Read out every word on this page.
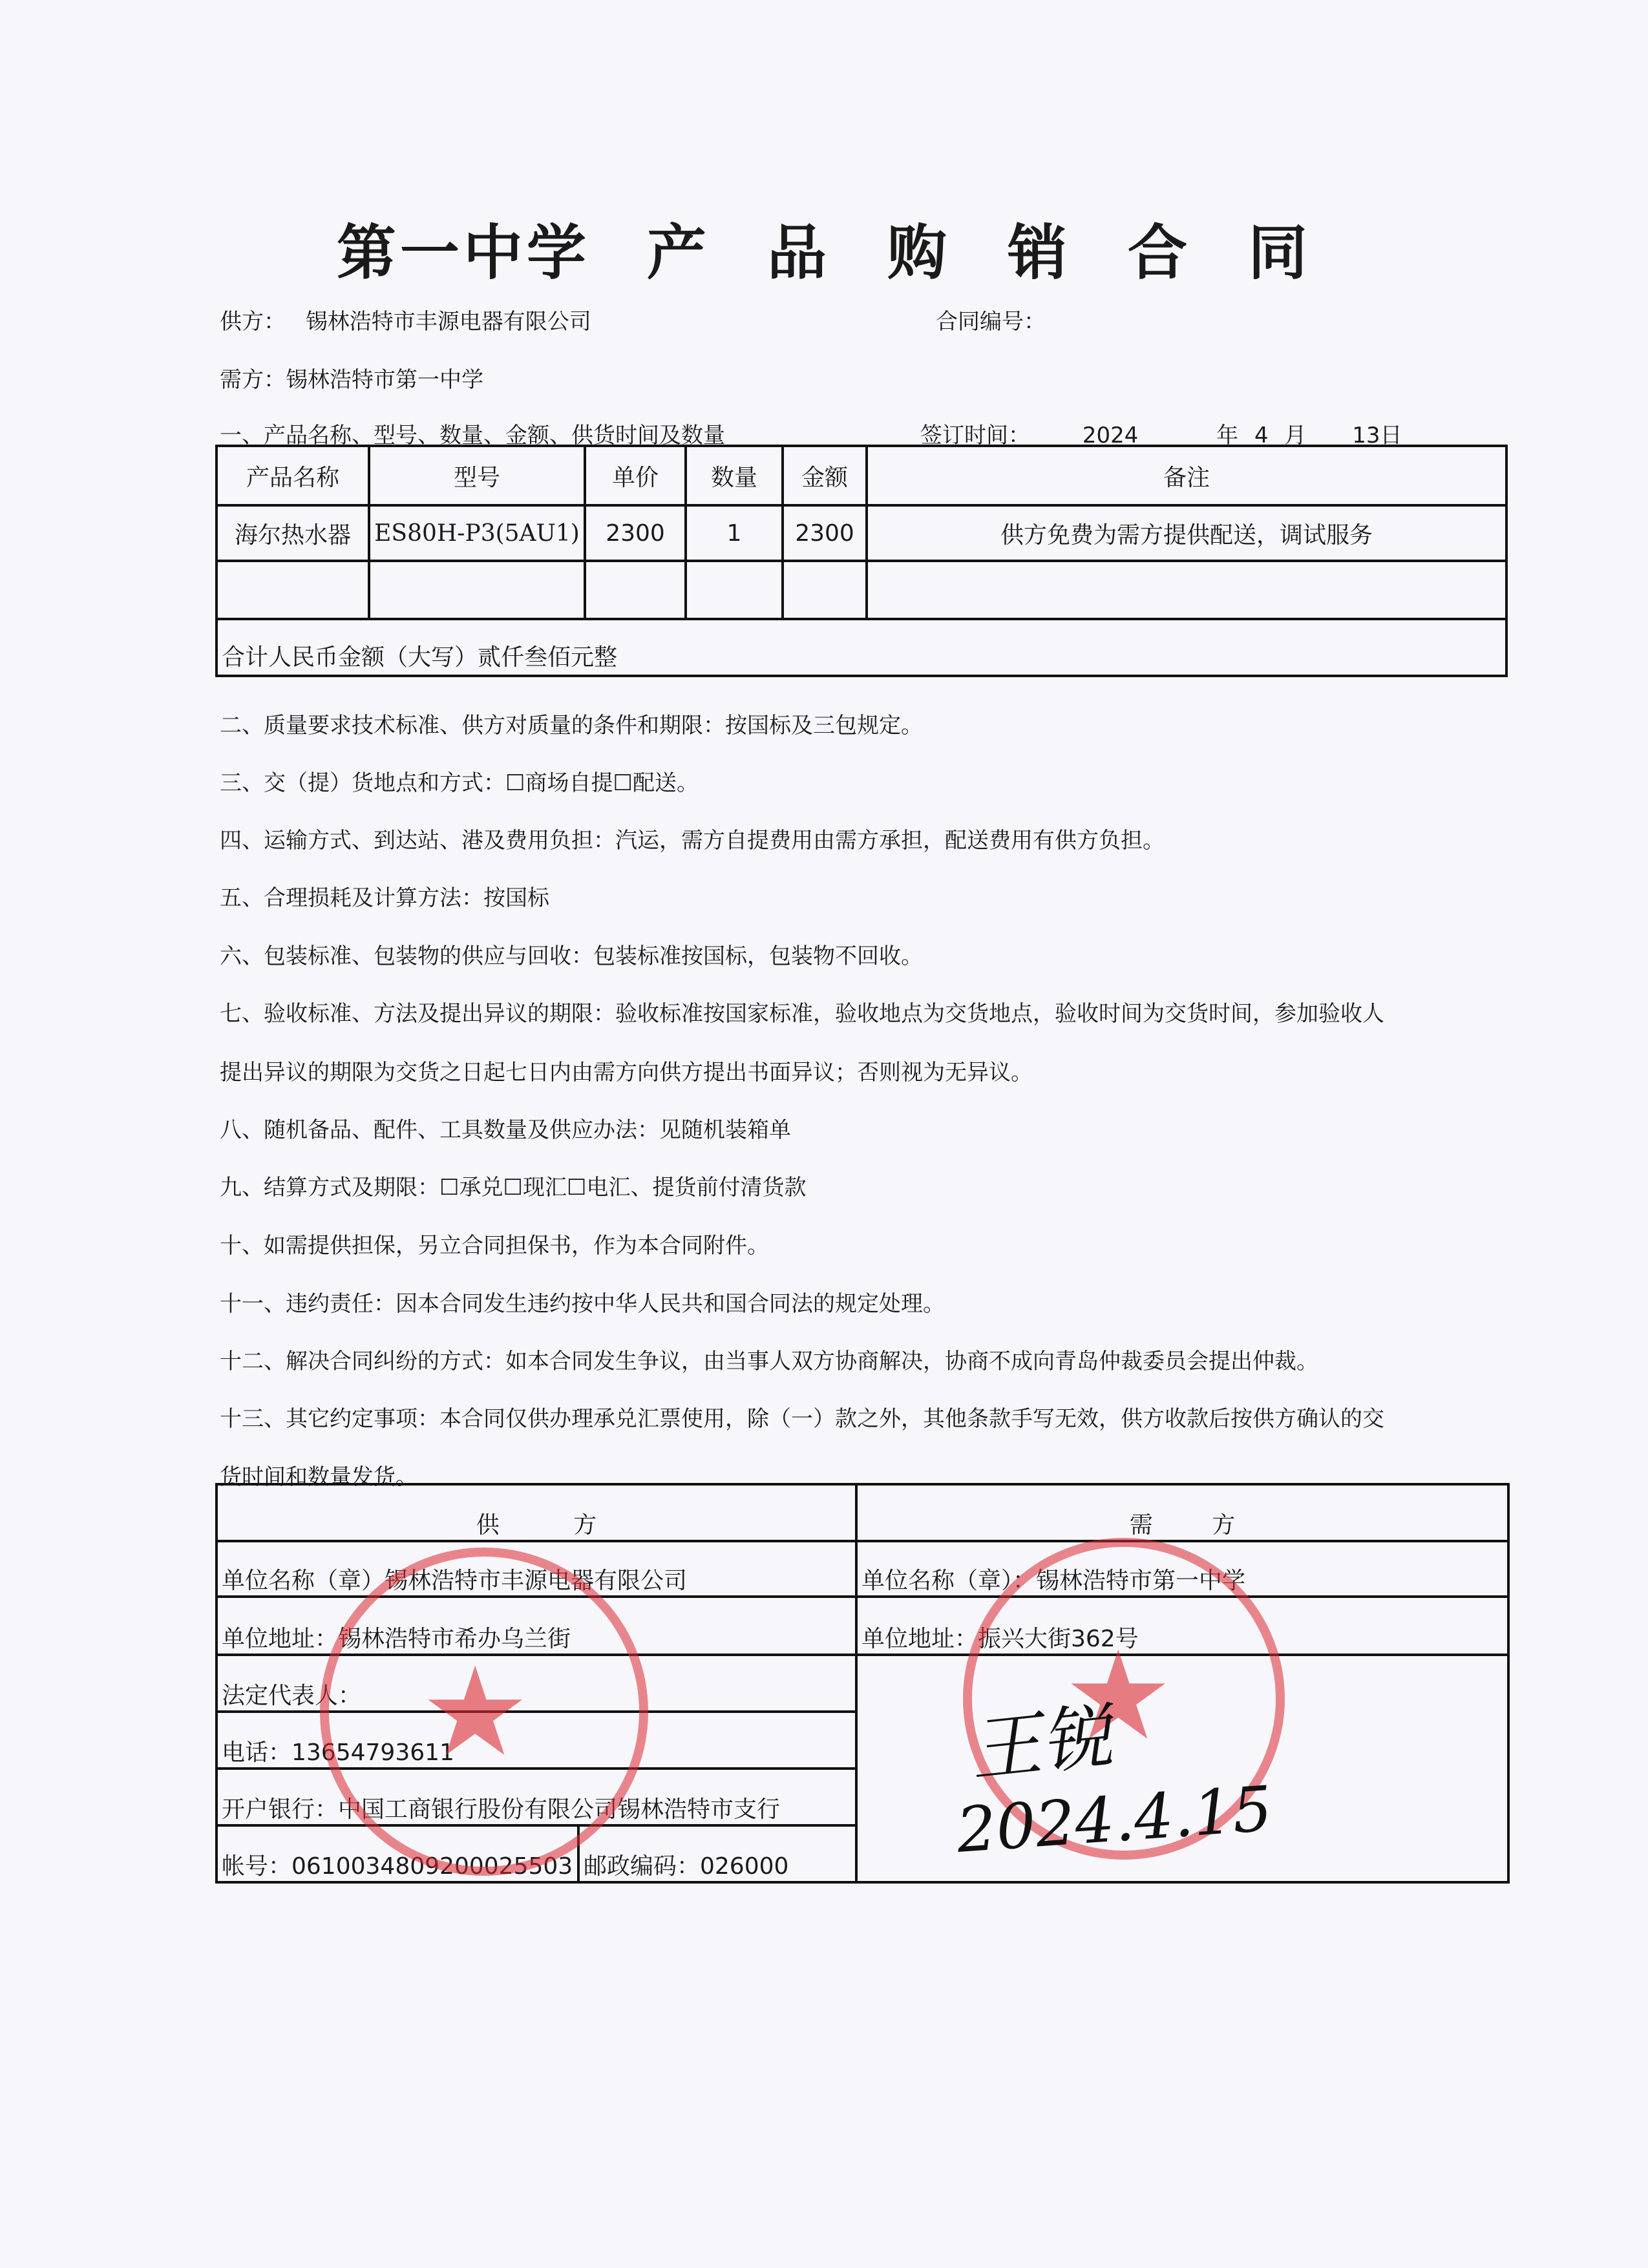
第一中学 产 品 购 销 合 同
供方： 锡林浩特市丰源电器有限公司	合同编号：
需方：锡林浩特市第一中学
一、产品名称、型号、数量、金额、供货时间及数量	签订时间： 2024	年 4 月 13日
产品名称	型号	单价	数量	金额	备注
海尔热水器	ES80H-P3(5AU1)	2300	1	2300	供方免费为需方提供配送，调试服务

合计人民币金额（大写）贰仟叁佰元整					
二、质量要求技术标准、供方对质量的条件和期限：按国标及三包规定。
三、交（提）货地点和方式：☐商场自提☐配送。
四、运输方式、到达站、港及费用负担：汽运，需方自提费用由需方承担，配送费用有供方负担。
五、合理损耗及计算方法：按国标
六、包装标准、包装物的供应与回收：包装标准按国标，包装物不回收。
七、验收标准、方法及提出异议的期限：验收标准按国家标准，验收地点为交货地点，验收时间为交货时间，参加验收人
提出异议的期限为交货之日起七日内由需方向供方提出书面异议；否则视为无异议。
八、随机备品、配件、工具数量及供应办法：见随机装箱单
九、结算方式及期限：☐承兑☐现汇☐电汇、提货前付清货款
十、如需提供担保，另立合同担保书，作为本合同附件。
十一、违约责任：因本合同发生违约按中华人民共和国合同法的规定处理。
十二、解决合同纠纷的方式：如本合同发生争议，由当事人双方协商解决，协商不成向青岛仲裁委员会提出仲裁。
十三、其它约定事项：本合同仅供办理承兑汇票使用，除（一）款之外，其他条款手写无效，供方收款后按供方确认的交
货时间和数量发货。
供          方		需        方
单位名称（章）锡林浩特市丰源电器有限公司		单位名称（章）：锡林浩特市第一中学
单位地址：锡林浩特市希办乌兰街		单位地址：振兴大街362号
法定代表人：		
电话：13654793611		
开户银行：中国工商银行股份有限公司锡林浩特市支行		
帐号：0610034809200025503	邮政编码：026000	
★	★
王锐
2024.4.15
